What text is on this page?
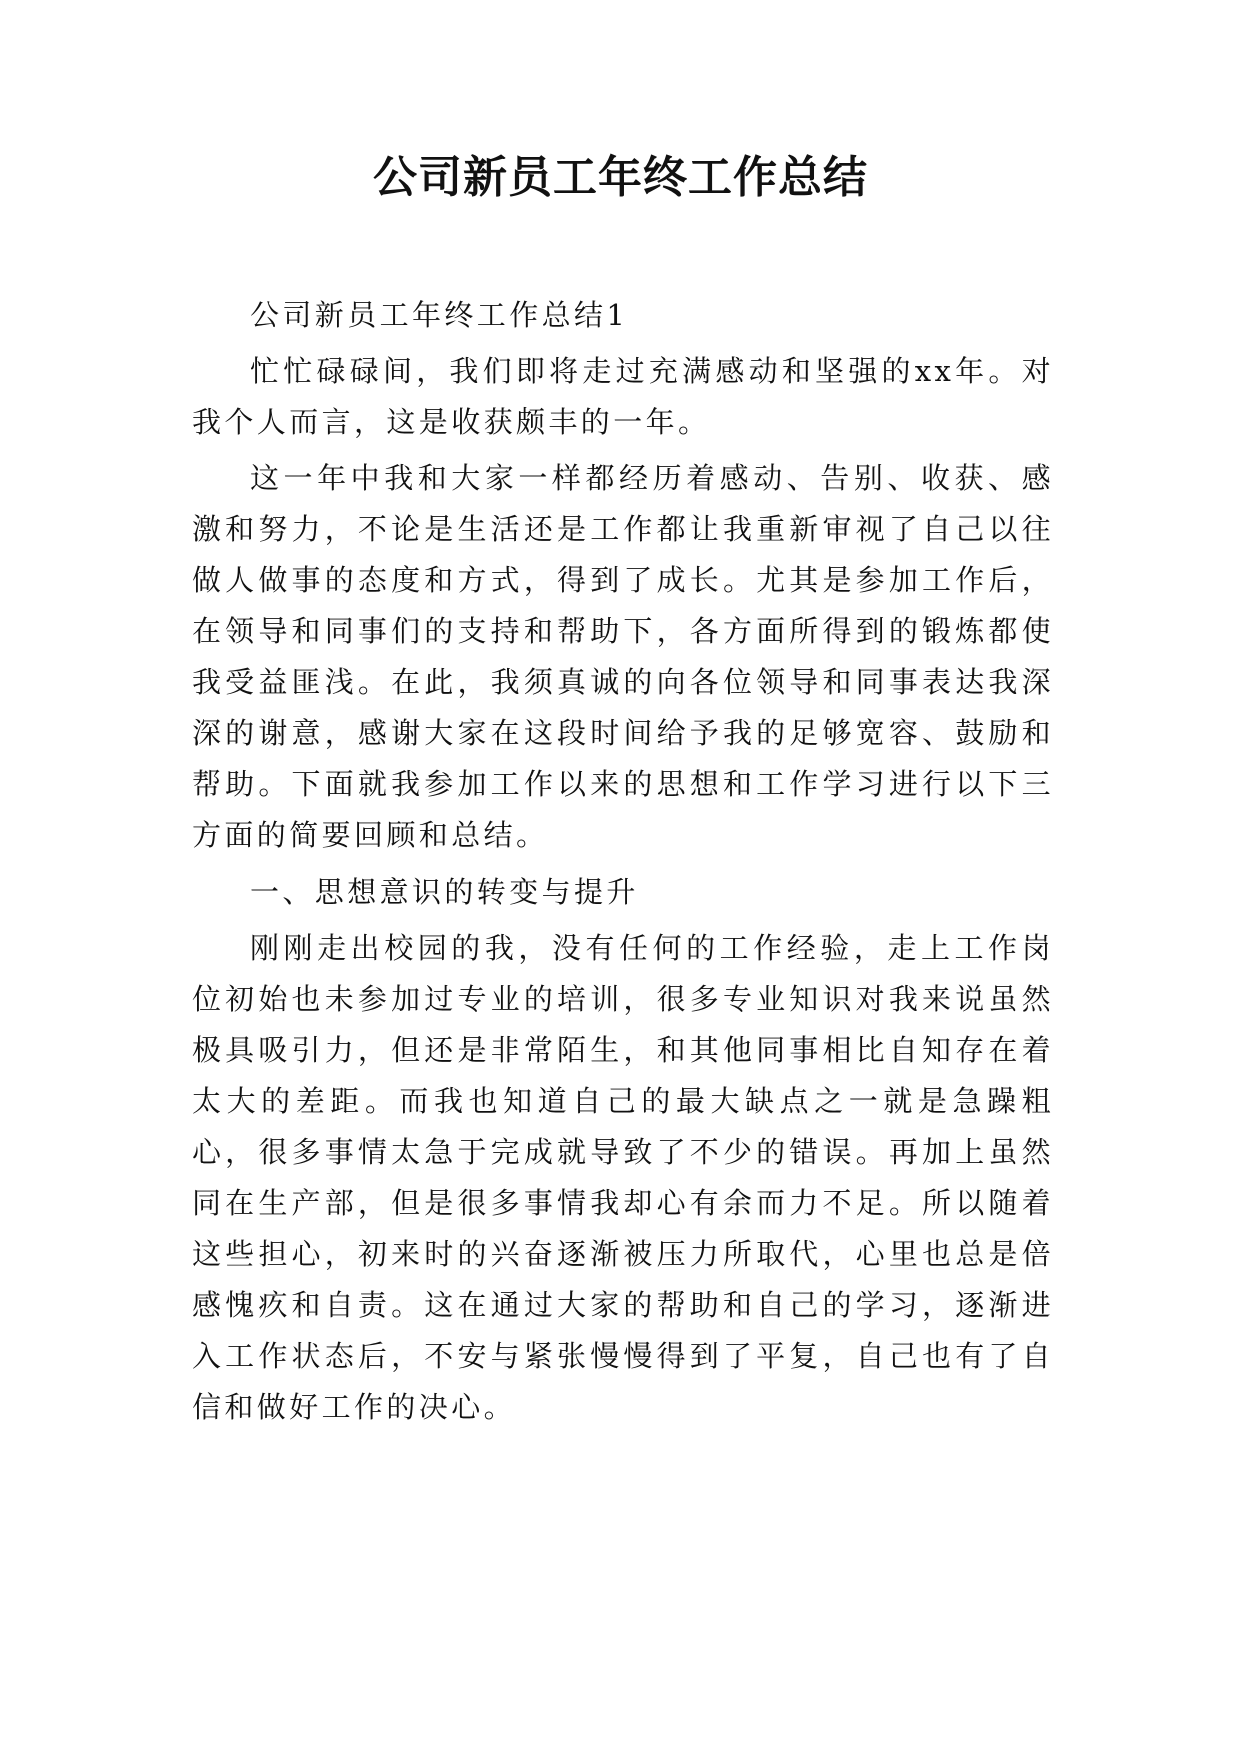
公司新员工年终工作总结

公司新员工年终工作总结1

忙忙碌碌间，我们即将走过充满感动和坚强的xx年。对我个人而言，这是收获颇丰的一年。

这一年中我和大家一样都经历着感动、告别、收获、感激和努力，不论是生活还是工作都让我重新审视了自己以往做人做事的态度和方式，得到了成长。尤其是参加工作后，在领导和同事们的支持和帮助下，各方面所得到的锻炼都使我受益匪浅。在此，我须真诚的向各位领导和同事表达我深深的谢意，感谢大家在这段时间给予我的足够宽容、鼓励和帮助。下面就我参加工作以来的思想和工作学习进行以下三方面的简要回顾和总结。

一、思想意识的转变与提升

刚刚走出校园的我，没有任何的工作经验，走上工作岗位初始也未参加过专业的培训，很多专业知识对我来说虽然极具吸引力，但还是非常陌生，和其他同事相比自知存在着太大的差距。而我也知道自己的最大缺点之一就是急躁粗心，很多事情太急于完成就导致了不少的错误。再加上虽然同在生产部，但是很多事情我却心有余而力不足。所以随着这些担心，初来时的兴奋逐渐被压力所取代，心里也总是倍感愧疚和自责。这在通过大家的帮助和自己的学习，逐渐进入工作状态后，不安与紧张慢慢得到了平复，自己也有了自信和做好工作的决心。
